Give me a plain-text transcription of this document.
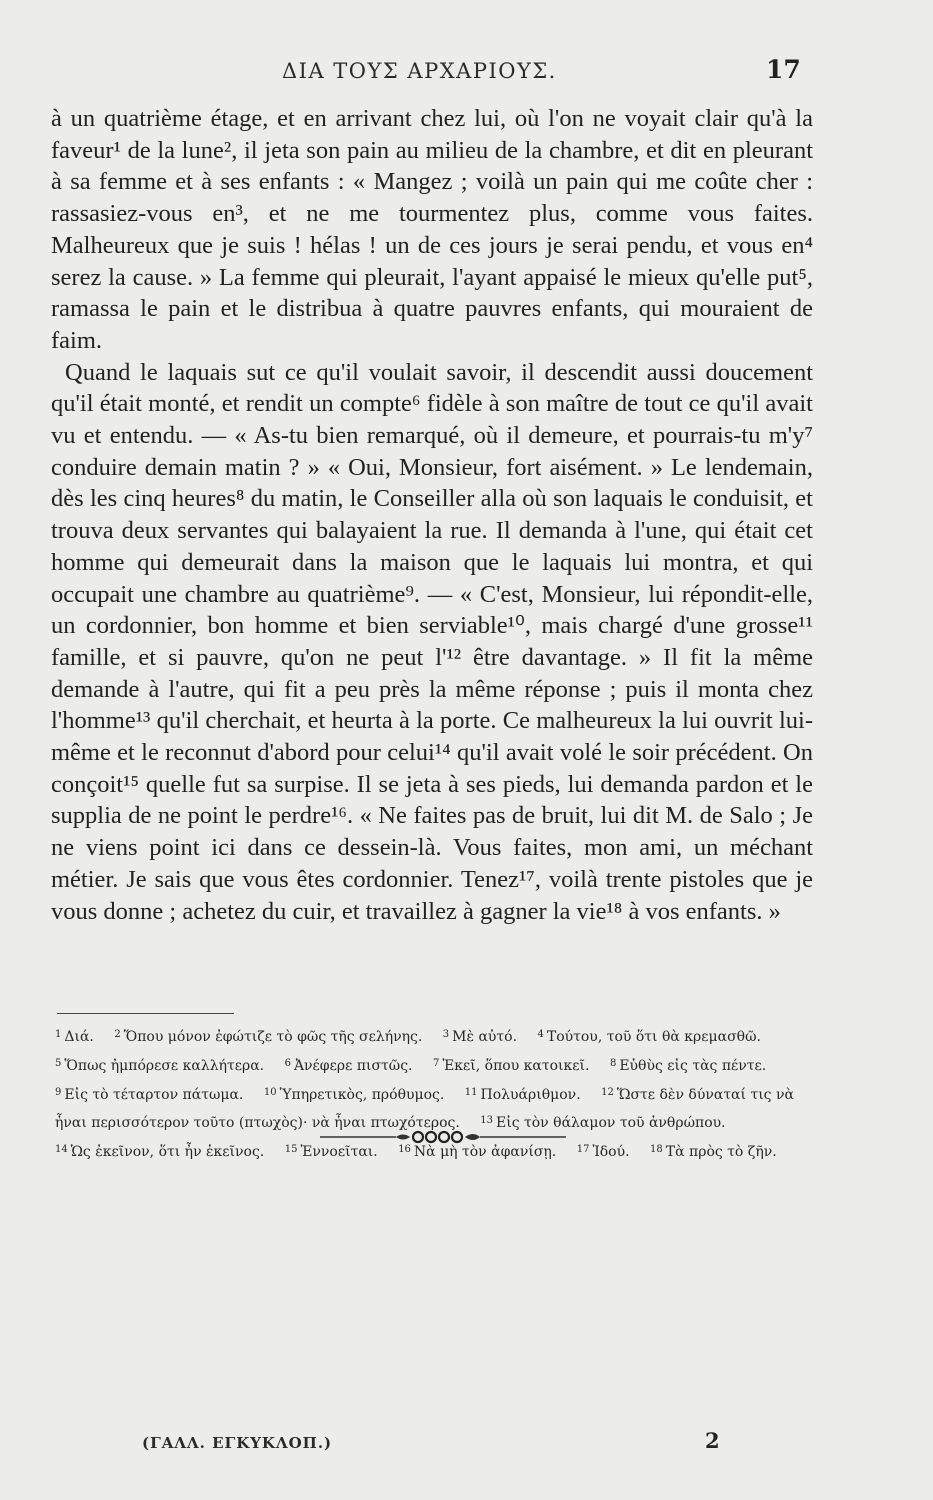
ΔΙΑ ΤΟΥΣ ΑΡΧΑΡΙΟΥΣ.	17

à un quatrième étage, et en arrivant chez lui, où l'on ne voyait clair qu'à la faveur¹ de la lune², il jeta son pain au milieu de la chambre, et dit en pleurant à sa femme et à ses enfants : « Mangez ; voilà un pain qui me coûte cher : rassasiez-vous en³, et ne me tourmentez plus, comme vous faites. Malheureux que je suis ! hélas ! un de ces jours je serai pendu, et vous en⁴ serez la cause. » La femme qui pleurait, l'ayant appaisé le mieux qu'elle put⁵, ramassa le pain et le distribua à quatre pauvres enfants, qui mouraient de faim.

Quand le laquais sut ce qu'il voulait savoir, il descendit aussi doucement qu'il était monté, et rendit un compte⁶ fidèle à son maître de tout ce qu'il avait vu et entendu. — « As-tu bien remarqué, où il demeure, et pourrais-tu m'y⁷ conduire demain matin ? » « Oui, Monsieur, fort aisément. » Le lendemain, dès les cinq heures⁸ du matin, le Conseiller alla où son laquais le conduisit, et trouva deux servantes qui balayaient la rue. Il demanda à l'une, qui était cet homme qui demeurait dans la maison que le laquais lui montra, et qui occupait une chambre au quatrième⁹. — « C'est, Monsieur, lui répondit-elle, un cordonnier, bon homme et bien serviable¹⁰, mais chargé d'une grosse¹¹ famille, et si pauvre, qu'on ne peut l'¹² être davantage. » Il fit la même demande à l'autre, qui fit a peu près la même réponse ; puis il monta chez l'homme¹³ qu'il cherchait, et heurta à la porte. Ce malheureux la lui ouvrit lui-même et le reconnut d'abord pour celui¹⁴ qu'il avait volé le soir précédent. On conçoit¹⁵ quelle fut sa surpise. Il se jeta à ses pieds, lui demanda pardon et le supplia de ne point le perdre¹⁶. « Ne faites pas de bruit, lui dit M. de Salo ; Je ne viens point ici dans ce dessein-là. Vous faites, mon ami, un méchant métier. Je sais que vous êtes cordonnier. Tenez¹⁷, voilà trente pistoles que je vous donne ; achetez du cuir, et travaillez à gagner la vie¹⁸ à vos enfants. »

$^1$ Διά. $^2$ Ὅπου μόνον ἐφώτιζε τὸ φῶς τῆς σελήνης. $^3$ Μὲ αὐτό. $^4$ Τούτου, τοῦ ὅτι θὰ κρεμασθῶ. $^5$ Ὅπως ἠμπόρεσε καλλήτερα. $^6$ Ἀνέφερε πιστῶς. $^7$ Ἐκεῖ, ὅπου κατοικεῖ. $^8$ Εὐθὺς εἰς τὰς πέντε. $^9$ Εἰς τὸ τέταρτον πάτωμα. $^{10}$ Ὑπηρετικὸς, πρόθυμος. $^{11}$ Πολυάριθμον. $^{12}$ Ὥστε δὲν δύναταί τις νὰ ἦναι περισσότερον τοῦτο (πτωχὸς)· νὰ ἦναι πτωχότερος. $^{13}$ Εἰς τὸν θάλαμον τοῦ ἀνθρώπου. $^{14}$ Ὡς ἐκεῖνον, ὅτι ἦν ἐκεῖνος. $^{15}$ Ἐννοεῖται. $^{16}$ Νὰ μὴ τὸν ἀφανίσῃ. $^{17}$ Ἰδού. $^{18}$ Τὰ πρὸς τὸ ζῆν.
(ΓΑΛΛ. ΕΓΚΥΚΛΟΠ.)	2
